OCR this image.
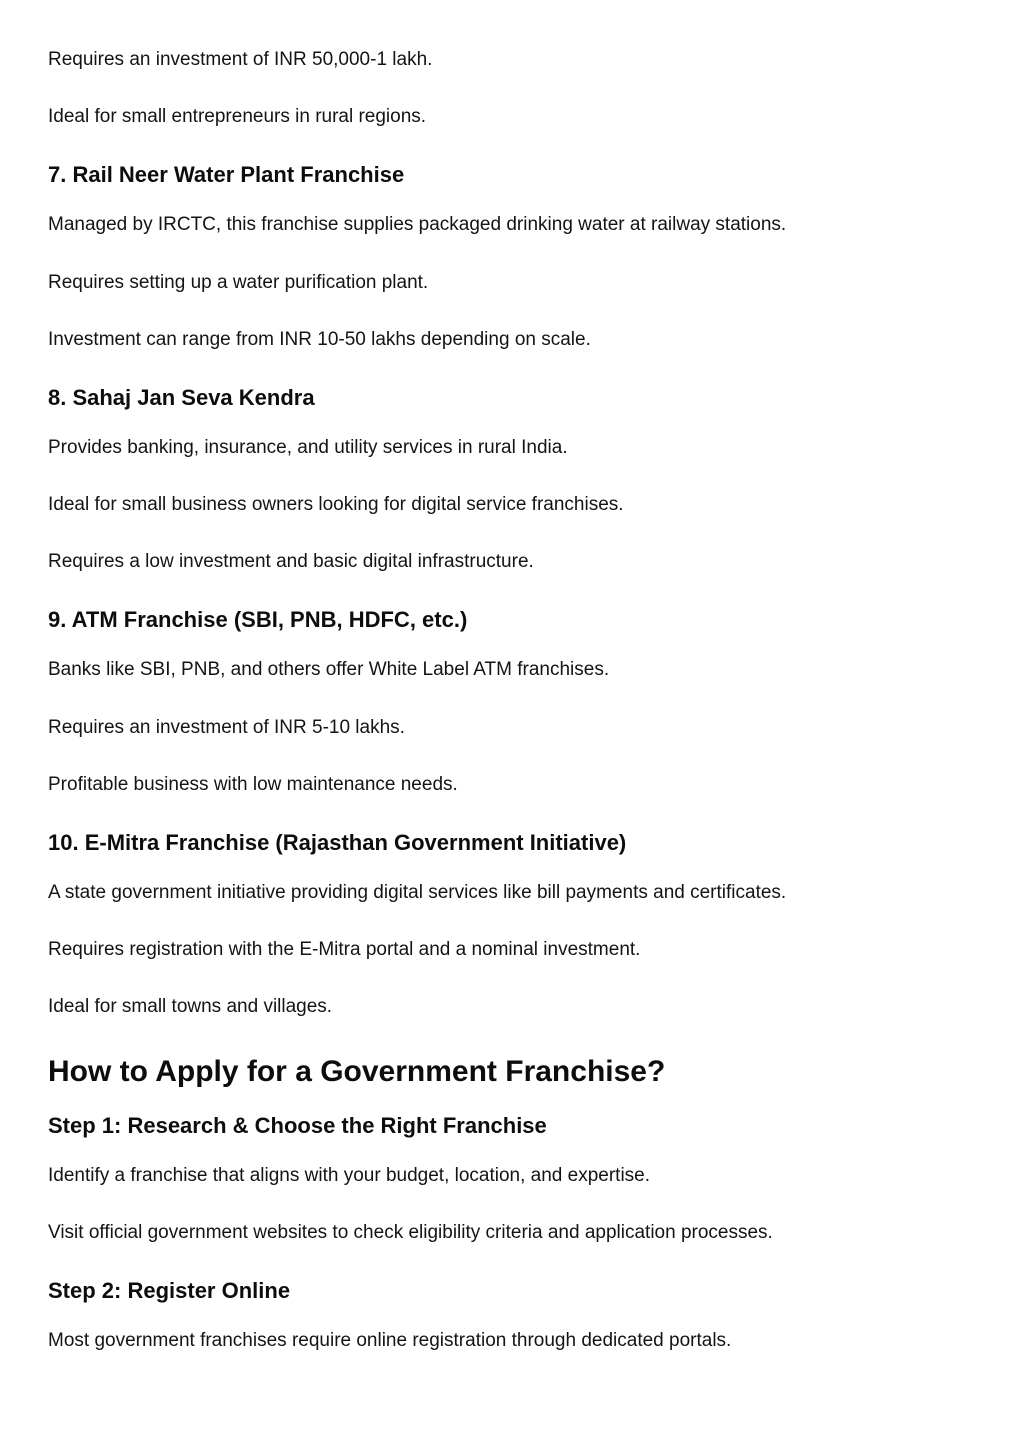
Requires an investment of INR 50,000-1 lakh.
Ideal for small entrepreneurs in rural regions.
7. Rail Neer Water Plant Franchise
Managed by IRCTC, this franchise supplies packaged drinking water at railway stations.
Requires setting up a water purification plant.
Investment can range from INR 10-50 lakhs depending on scale.
8. Sahaj Jan Seva Kendra
Provides banking, insurance, and utility services in rural India.
Ideal for small business owners looking for digital service franchises.
Requires a low investment and basic digital infrastructure.
9. ATM Franchise (SBI, PNB, HDFC, etc.)
Banks like SBI, PNB, and others offer White Label ATM franchises.
Requires an investment of INR 5-10 lakhs.
Profitable business with low maintenance needs.
10. E-Mitra Franchise (Rajasthan Government Initiative)
A state government initiative providing digital services like bill payments and certificates.
Requires registration with the E-Mitra portal and a nominal investment.
Ideal for small towns and villages.
How to Apply for a Government Franchise?
Step 1: Research & Choose the Right Franchise
Identify a franchise that aligns with your budget, location, and expertise.
Visit official government websites to check eligibility criteria and application processes.
Step 2: Register Online
Most government franchises require online registration through dedicated portals.
